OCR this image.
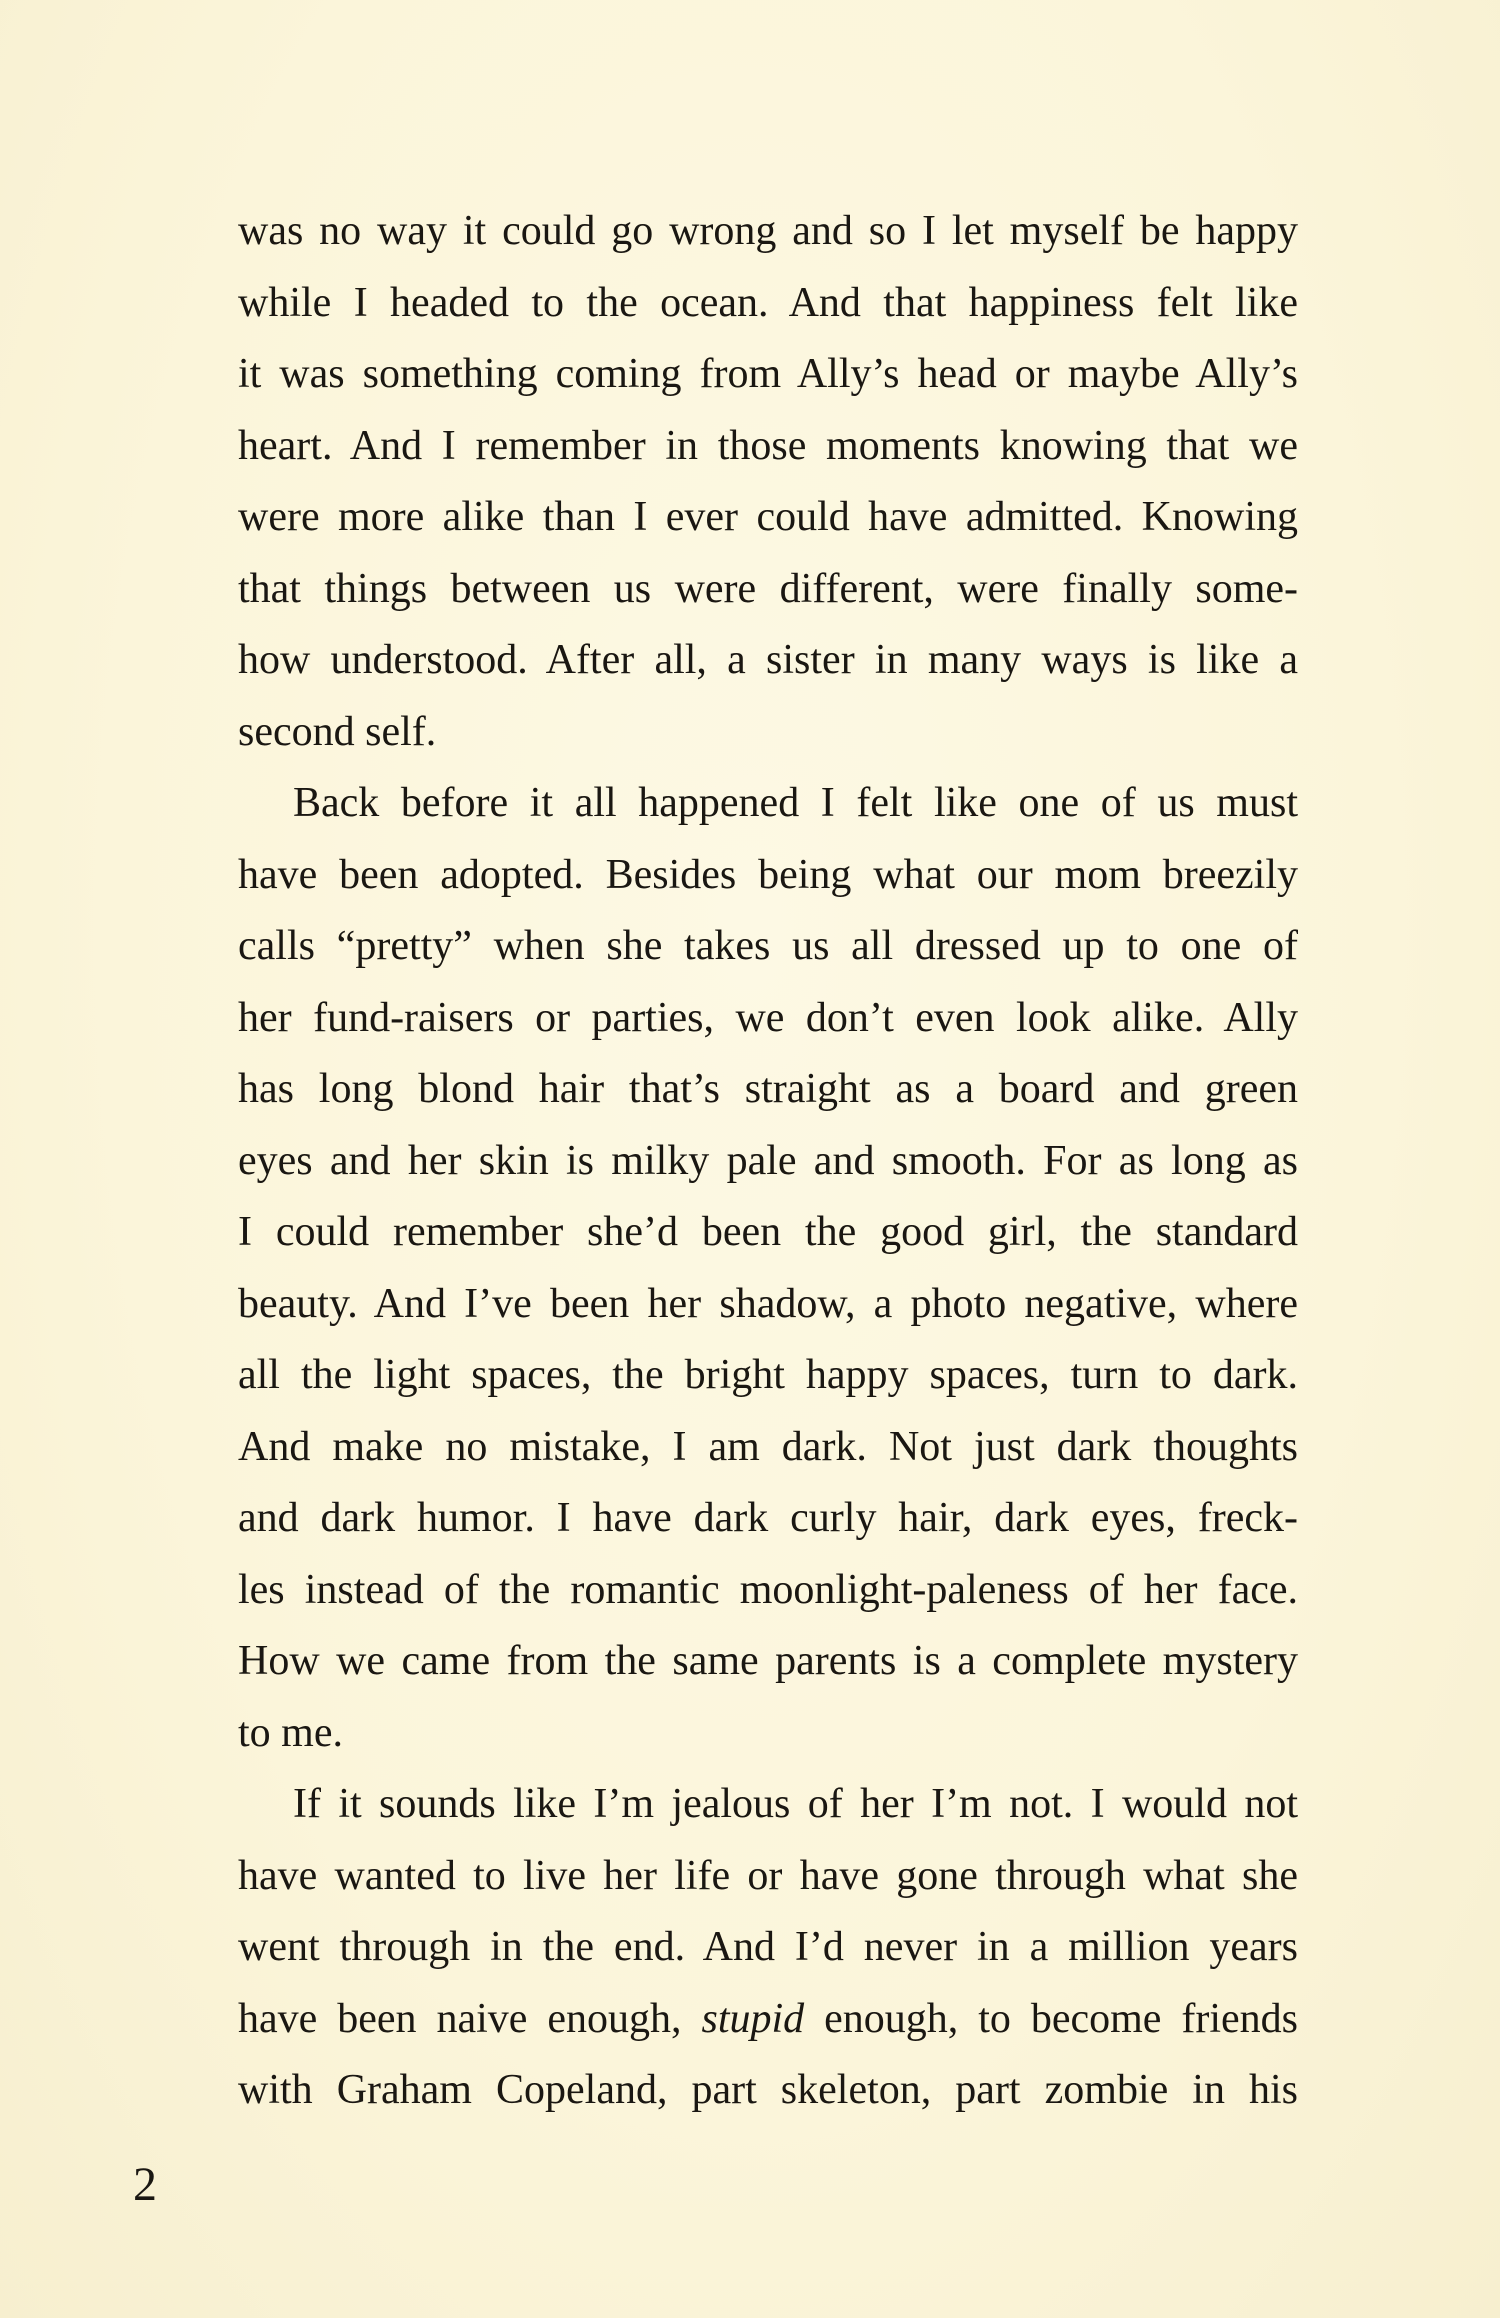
was no way it could go wrong and so I let myself be happy
while I headed to the ocean. And that happiness felt like
it was something coming from Ally’s head or maybe Ally’s
heart. And I remember in those moments knowing that we
were more alike than I ever could have admitted. Knowing
that things between us were different, were finally some-
how understood. After all, a sister in many ways is like a
second self.
Back before it all happened I felt like one of us must
have been adopted. Besides being what our mom breezily
calls “pretty” when she takes us all dressed up to one of
her fund-raisers or parties, we don’t even look alike. Ally
has long blond hair that’s straight as a board and green
eyes and her skin is milky pale and smooth. For as long as
I could remember she’d been the good girl, the standard
beauty. And I’ve been her shadow, a photo negative, where
all the light spaces, the bright happy spaces, turn to dark.
And make no mistake, I am dark. Not just dark thoughts
and dark humor. I have dark curly hair, dark eyes, freck-
les instead of the romantic moonlight-paleness of her face.
How we came from the same parents is a complete mystery
to me.
If it sounds like I’m jealous of her I’m not. I would not
have wanted to live her life or have gone through what she
went through in the end. And I’d never in a million years
have been naive enough, stupid enough, to become friends
with Graham Copeland, part skeleton, part zombie in his
2
